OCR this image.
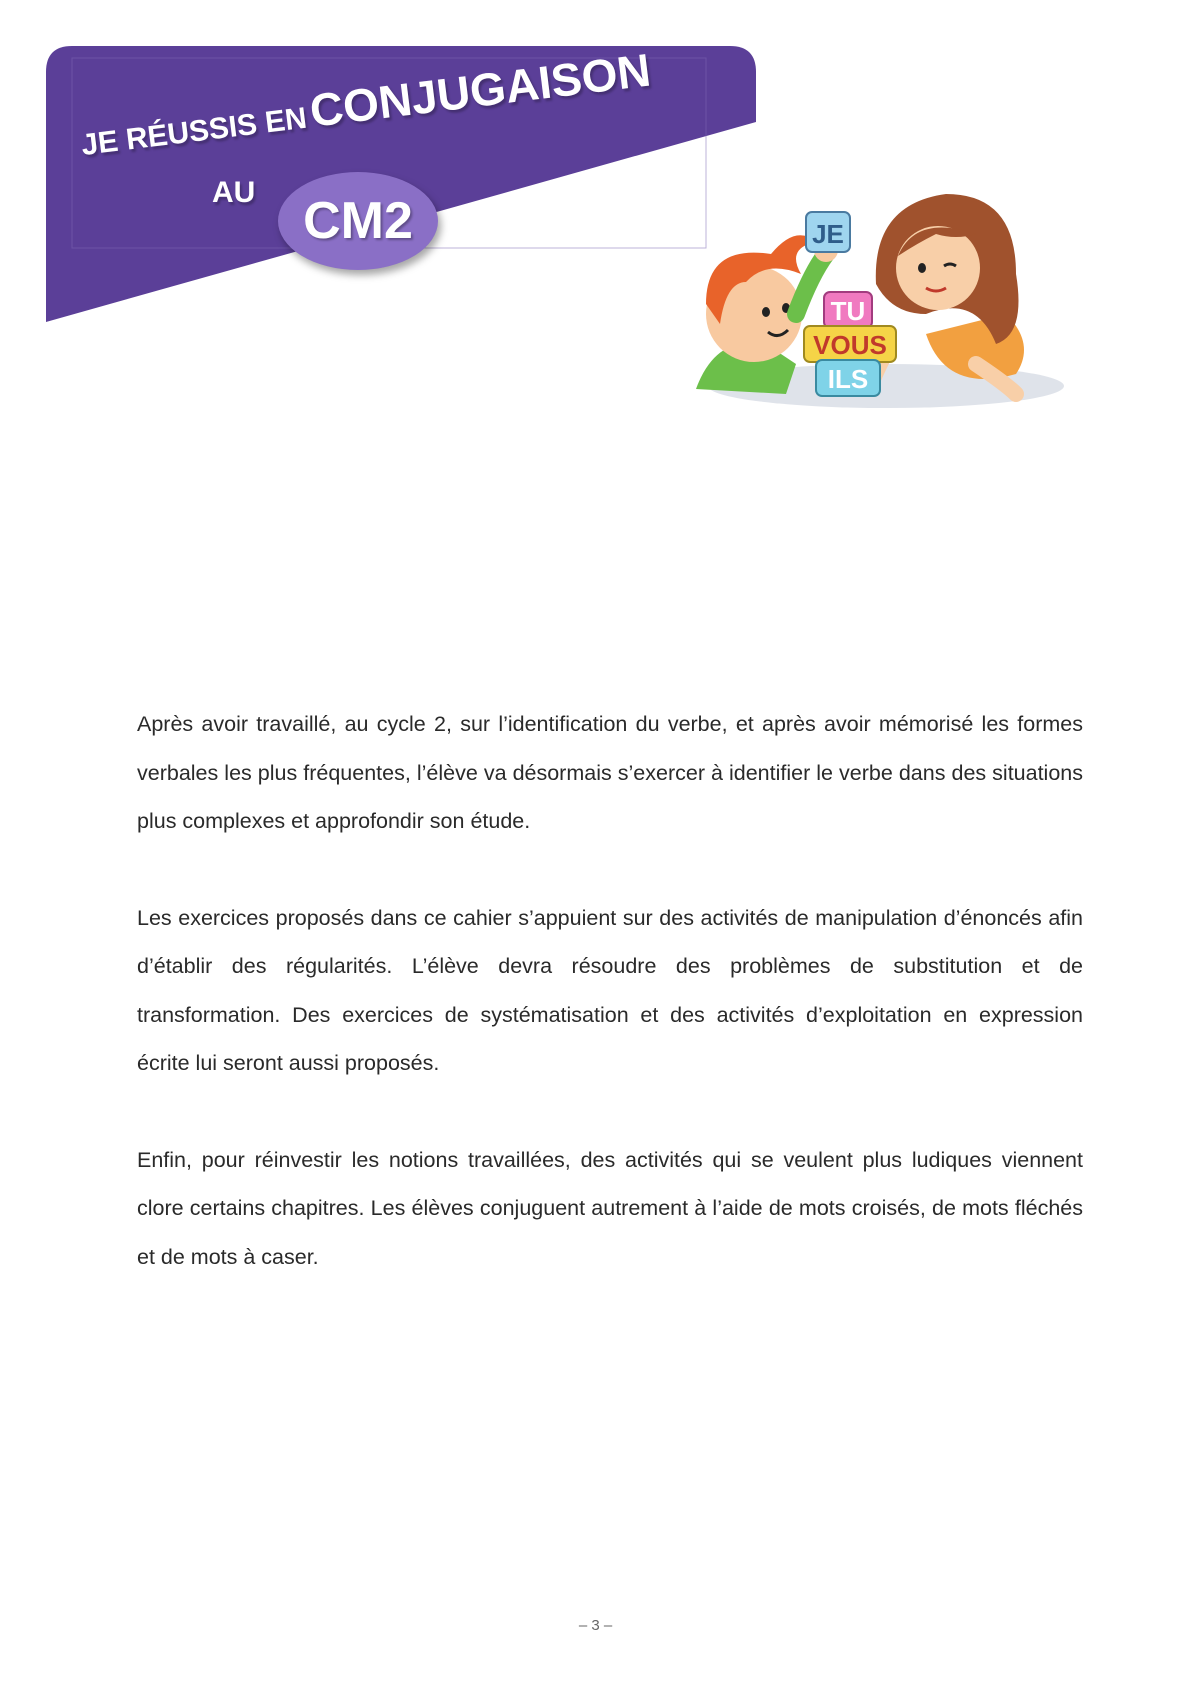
JE RÉUSSIS EN CONJUGAISON
AU CM2	JE
TU
VOUS
ILS

Après avoir travaillé, au cycle 2, sur l’identification du verbe, et après avoir mémorisé les formes verbales les plus fréquentes, l’élève va désormais s’exercer à identifier le verbe dans des situations plus complexes et approfondir son étude.

Les exercices proposés dans ce cahier s’appuient sur des activités de manipulation d’énoncés afin d’établir des régularités. L’élève devra résoudre des problèmes de substitution et de transformation. Des exercices de systématisation et des activités d’exploitation en expression écrite lui seront aussi proposés.

Enfin, pour réinvestir les notions travaillées, des activités qui se veulent plus ludiques viennent clore certains chapitres. Les élèves conjuguent autrement à l’aide de mots croisés, de mots fléchés et de mots à caser.

– 3 –
